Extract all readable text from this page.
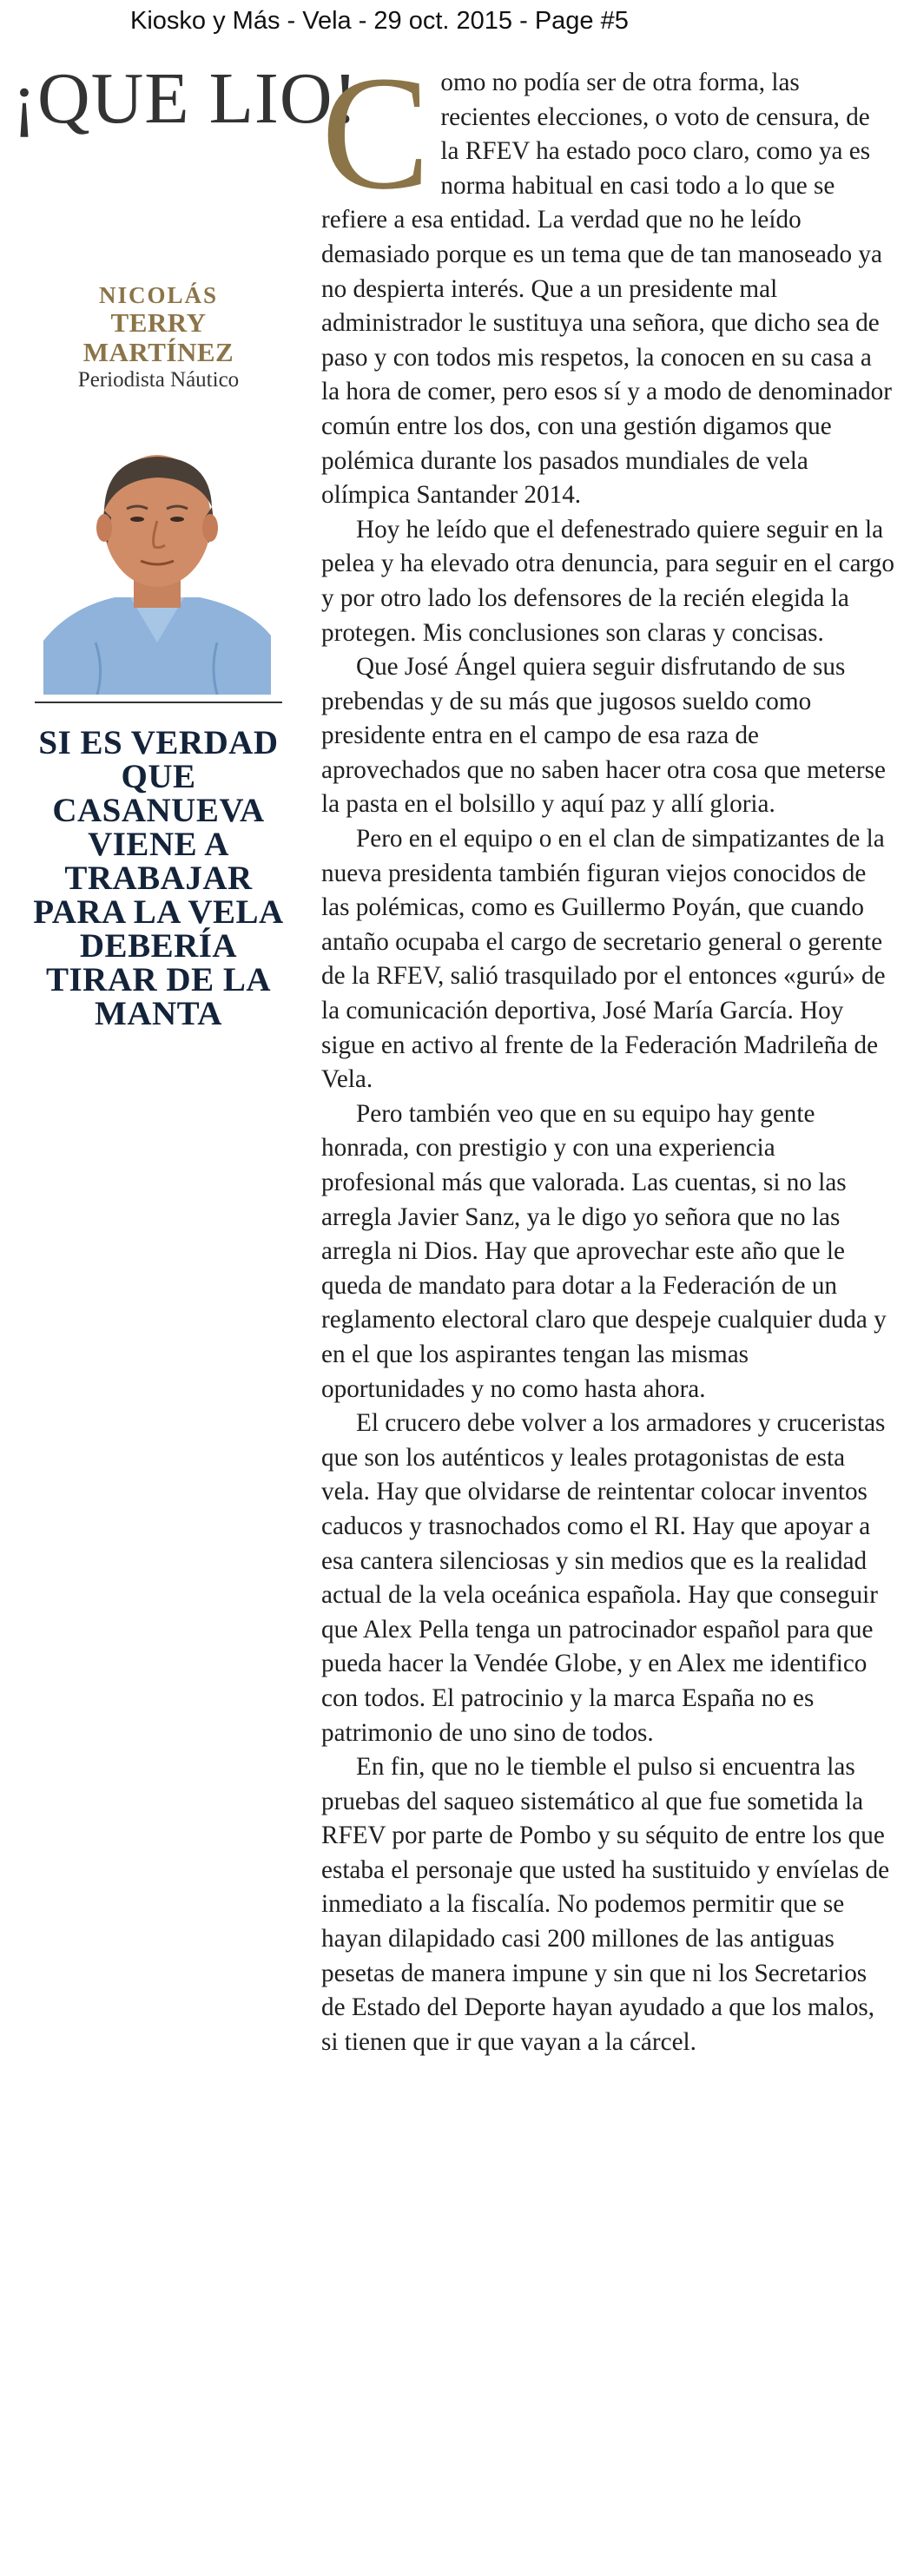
Kiosko y Más - Vela - 29 oct. 2015 - Page #5
¡QUE LIO!
NICOLÁS
TERRY
MARTÍNEZ
Periodista Náutico
SI ES VERDAD QUE CASANUEVA VIENE A TRABAJAR PARA LA VELA DEBERÍA TIRAR DE LA MANTA

Como no podía ser de otra forma, las recientes elecciones, o voto de censura, de la RFEV ha estado poco claro, como ya es norma habitual en casi todo a lo que se refiere a esa entidad. La verdad que no he leído demasiado porque es un tema que de tan manoseado ya no despierta interés. Que a un presidente mal administrador le sustituya una señora, que dicho sea de paso y con todos mis respetos, la conocen en su casa a la hora de comer, pero esos sí y a modo de denominador común entre los dos, con una gestión digamos que polémica durante los pasados mundiales de vela olímpica Santander 2014.

Hoy he leído que el defenestrado quiere seguir en la pelea y ha elevado otra denuncia, para seguir en el cargo y por otro lado los defensores de la recién elegida la protegen. Mis conclusiones son claras y concisas.

Que José Ángel quiera seguir disfrutando de sus prebendas y de su más que jugosos sueldo como presidente entra en el campo de esa raza de aprovechados que no saben hacer otra cosa que meterse la pasta en el bolsillo y aquí paz y allí gloria.

Pero en el equipo o en el clan de simpatizantes de la nueva presidenta también figuran viejos conocidos de las polémicas, como es Guillermo Poyán, que cuando antaño ocupaba el cargo de secretario general o gerente de la RFEV, salió trasquilado por el entonces «gurú» de la comunicación deportiva, José María García. Hoy sigue en activo al frente de la Federación Madrileña de Vela.

Pero también veo que en su equipo hay gente honrada, con prestigio y con una experiencia profesional más que valorada. Las cuentas, si no las arregla Javier Sanz, ya le digo yo señora que no las arregla ni Dios. Hay que aprovechar este año que le queda de mandato para dotar a la Federación de un reglamento electoral claro que despeje cualquier duda y en el que los aspirantes tengan las mismas oportunidades y no como hasta ahora.

El crucero debe volver a los armadores y cruceristas que son los auténticos y leales protagonistas de esta vela. Hay que olvidarse de reintentar colocar inventos caducos y trasnochados como el RI. Hay que apoyar a esa cantera silenciosas y sin medios que es la realidad actual de la vela oceánica española. Hay que conseguir que Alex Pella tenga un patrocinador español para que pueda hacer la Vendée Globe, y en Alex me identifico con todos. El patrocinio y la marca España no es patrimonio de uno sino de todos.

En fin, que no le tiemble el pulso si encuentra las pruebas del saqueo sistemático al que fue sometida la RFEV por parte de Pombo y su séquito de entre los que estaba el personaje que usted ha sustituido y envíelas de inmediato a la fiscalía. No podemos permitir que se hayan dilapidado casi 200 millones de las antiguas pesetas de manera impune y sin que ni los Secretarios de Estado del Deporte hayan ayudado a que los malos, si tienen que ir que vayan a la cárcel.
